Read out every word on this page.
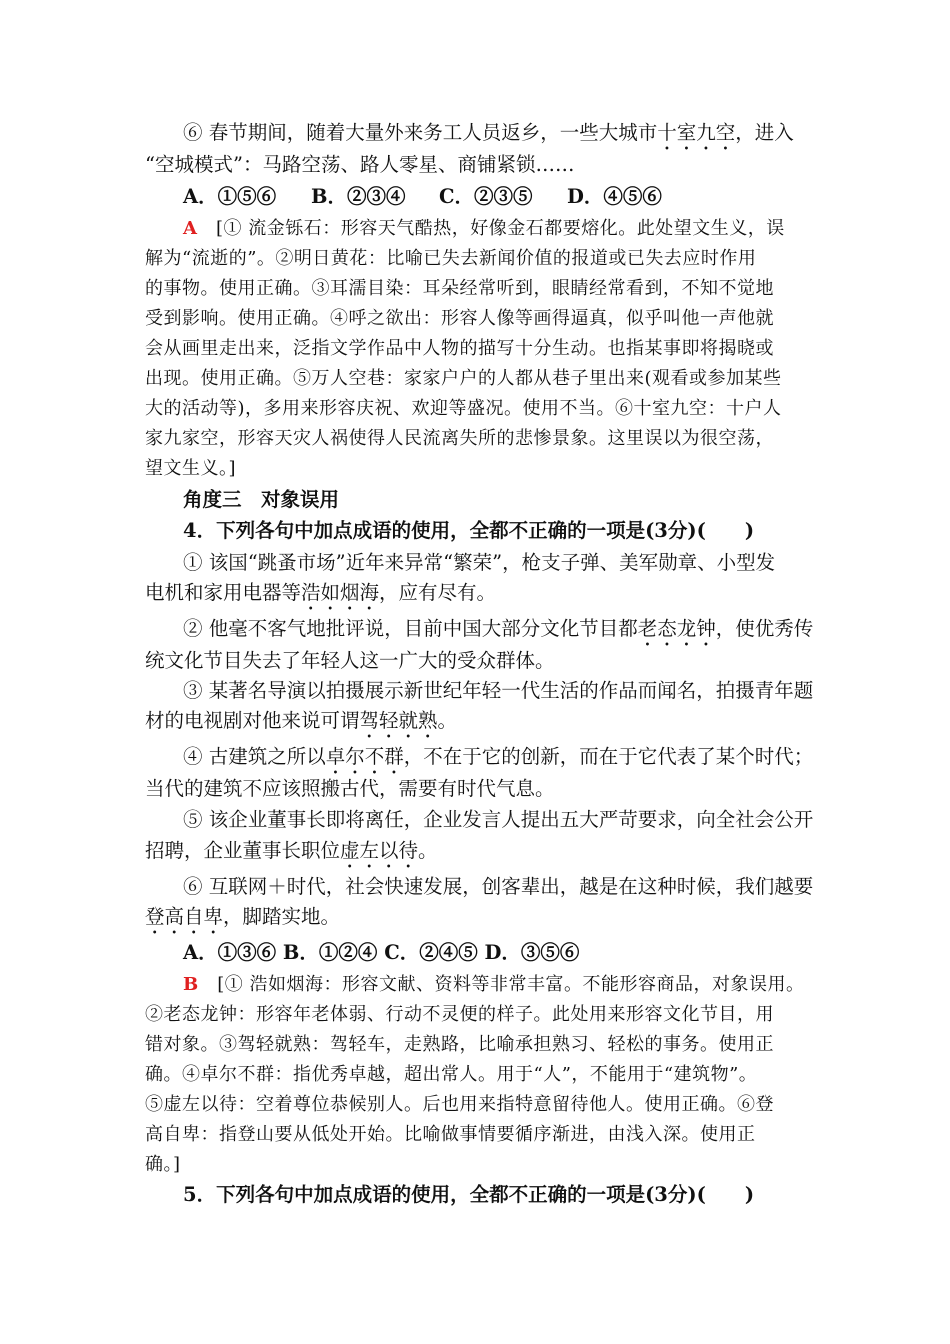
⑥ 春节期间，随着大量外来务工人员返乡，一些大城市十室九空，进入
“空城模式”：马路空荡、路人零星、商铺紧锁……
A．①⑤⑥ B．②③④ C．②③⑤ D．④⑤⑥
A　 [① 流金铄石：形容天气酷热，好像金石都要熔化。此处望文生义，误
解为“流逝的”。②明日黄花：比喻已失去新闻价值的报道或已失去应时作用
的事物。使用正确。③耳濡目染：耳朵经常听到，眼睛经常看到，不知不觉地
受到影响。使用正确。④呼之欲出：形容人像等画得逼真，似乎叫他一声他就
会从画里走出来，泛指文学作品中人物的描写十分生动。也指某事即将揭晓或
出现。使用正确。⑤万人空巷：家家户户的人都从巷子里出来(观看或参加某些
大的活动等)，多用来形容庆祝、欢迎等盛况。使用不当。⑥十室九空：十户人
家九家空，形容天灾人祸使得人民流离失所的悲惨景象。这里误以为很空荡，
望文生义。]
角度三　对象误用
4．下列各句中加点成语的使用，全都不正确的一项是(3分)(　　)
① 该国“跳蚤市场”近年来异常“繁荣”，枪支子弹、美军勋章、小型发
电机和家用电器等浩如烟海，应有尽有。
② 他毫不客气地批评说，目前中国大部分文化节目都老态龙钟，使优秀传
统文化节目失去了年轻人这一广大的受众群体。
③ 某著名导演以拍摄展示新世纪年轻一代生活的作品而闻名，拍摄青年题
材的电视剧对他来说可谓驾轻就熟。
④ 古建筑之所以卓尔不群，不在于它的创新，而在于它代表了某个时代；
当代的建筑不应该照搬古代，需要有时代气息。
⑤ 该企业董事长即将离任，企业发言人提出五大严苛要求，向全社会公开
招聘，企业董事长职位虚左以待。
⑥ 互联网＋时代，社会快速发展，创客辈出，越是在这种时候，我们越要
登高自卑，脚踏实地。
A．①③⑥ B．①②④ C．②④⑤ D．③⑤⑥
B　 [① 浩如烟海：形容文献、资料等非常丰富。不能形容商品，对象误用。
②老态龙钟：形容年老体弱、行动不灵便的样子。此处用来形容文化节目，用
错对象。③驾轻就熟：驾轻车，走熟路，比喻承担熟习、轻松的事务。使用正
确。④卓尔不群：指优秀卓越，超出常人。用于“人”，不能用于“建筑物”。
⑤虚左以待：空着尊位恭候别人。后也用来指特意留待他人。使用正确。⑥登
高自卑：指登山要从低处开始。比喻做事情要循序渐进，由浅入深。使用正
确。]
5．下列各句中加点成语的使用，全都不正确的一项是(3分)(　　)
